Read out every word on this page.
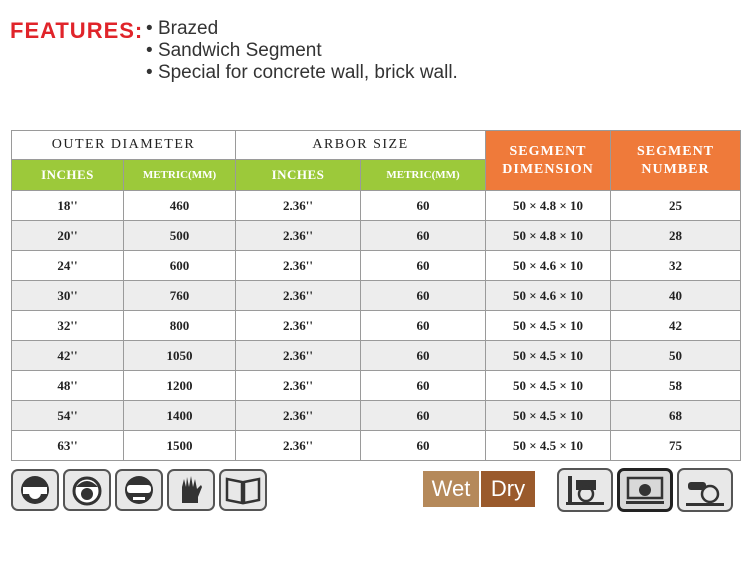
FEATURES: • Brazed
• Sandwich Segment
• Special for concrete wall, brick wall.
OUTER DIAMETER		ARBOR SIZE		SEGMENT DIMENSION	SEGMENT NUMBER
INCHES	METRIC(MM)	INCHES	METRIC(MM)		
18''	460	2.36''	60	50 × 4.8 × 10	25
20''	500	2.36''	60	50 × 4.8 × 10	28
24''	600	2.36''	60	50 × 4.6 × 10	32
30''	760	2.36''	60	50 × 4.6 × 10	40
32''	800	2.36''	60	50 × 4.5 × 10	42
42''	1050	2.36''	60	50 × 4.5 × 10	50
48''	1200	2.36''	60	50 × 4.5 × 10	58
54''	1400	2.36''	60	50 × 4.5 × 10	68
63''	1500	2.36''	60	50 × 4.5 × 10	75
Wet Dry
